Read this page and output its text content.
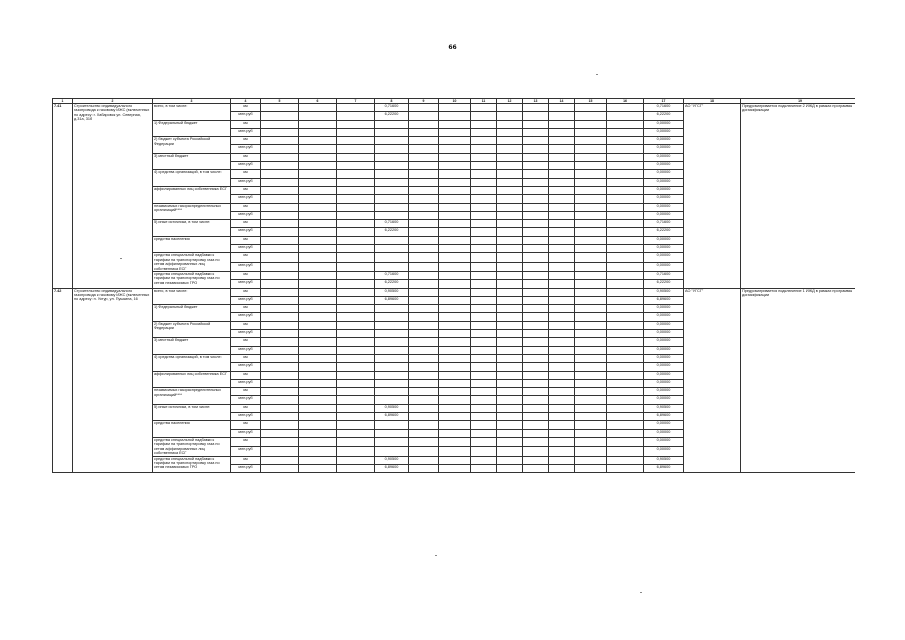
66
1	2	3	4	5	6	7	8	9	10	11	12	13	14	15	16	17	18	19
7.41	Строительство индивидуального газопровода к газовому ИЖС (включенных по адресу: г. Хабаровск ул. Северная, д.31а, 31б	всего, в том числе:	км				0,71600									0,71600	АО "УГСГ"	Предусматривается подключение 2 ИЖД в рамках программы догазификации
			млн.руб				6,22200									6,22200		
		1) Федеральный бюджет	км													0,00000		
			млн.руб													0,00000		
		2) бюджет субъекта Российской Федерации	км													0,00000		
			млн.руб													0,00000		
		3) местный бюджет	км													0,00000		
			млн.руб													0,00000		
		4) средства организаций, в том числе:	км													0,00000		
			млн.руб													0,00000		
		аффилированных лиц собственника ЕСГ	км													0,00000		
			млн.руб													0,00000		
		независимых газораспределительных организаций****	км													0,00000		
			млн.руб													0,00000		
		5) иные источники, в том числе:	км				0,71600									0,71600		
			млн.руб				6,22200									6,22200		
		средства населения	км													0,00000		
			млн.руб													0,00000		
		средства специальной надбавки к тарифам на транспортировку газа по сетям аффилированных лиц собственника ЕСГ	км													0,00000		
			млн.руб													0,00000		
		средства специальной надбавки к тарифам на транспортировку газа по сетям независимых ГРО	км				0,71600									0,71600		
			млн.руб				6,22200									6,22200		
7.42	Строительство индивидуального газопровода к газовому ИЖС (включенных по адресу: п. Уктур, ул. Пушкина, 16	всего, в том числе:	км				0,90500									0,90500	АО "УГСГ"	Предусматривается подключение 1 ИЖД в рамках программы догазификации
			млн.руб				6,89600									6,89600		
		1) Федеральный бюджет	км													0,00000		
			млн.руб													0,00000		
		2) бюджет субъекта Российской Федерации	км													0,00000		
			млн.руб													0,00000		
		3) местный бюджет	км													0,00000		
			млн.руб													0,00000		
		4) средства организаций, в том числе:	км													0,00000		
			млн.руб													0,00000		
		аффилированных лиц собственника ЕСГ	км													0,00000		
			млн.руб													0,00000		
		независимых газораспределительных организаций****	км													0,00000		
			млн.руб													0,00000		
		5) иные источники, в том числе:	км				0,90500									0,90500		
			млн.руб				6,89600									6,89600		
		средства населения	км													0,00000		
			млн.руб													0,00000		
		средства специальной надбавки к тарифам на транспортировку газа по сетям аффилированных лиц собственника ЕСГ	км													0,00000		
			млн.руб													0,00000		
		средства специальной надбавки к тарифам на транспортировку газа по сетям независимых ГРО	км				0,90500									0,90500		
			млн.руб				6,89600									6,89600		
